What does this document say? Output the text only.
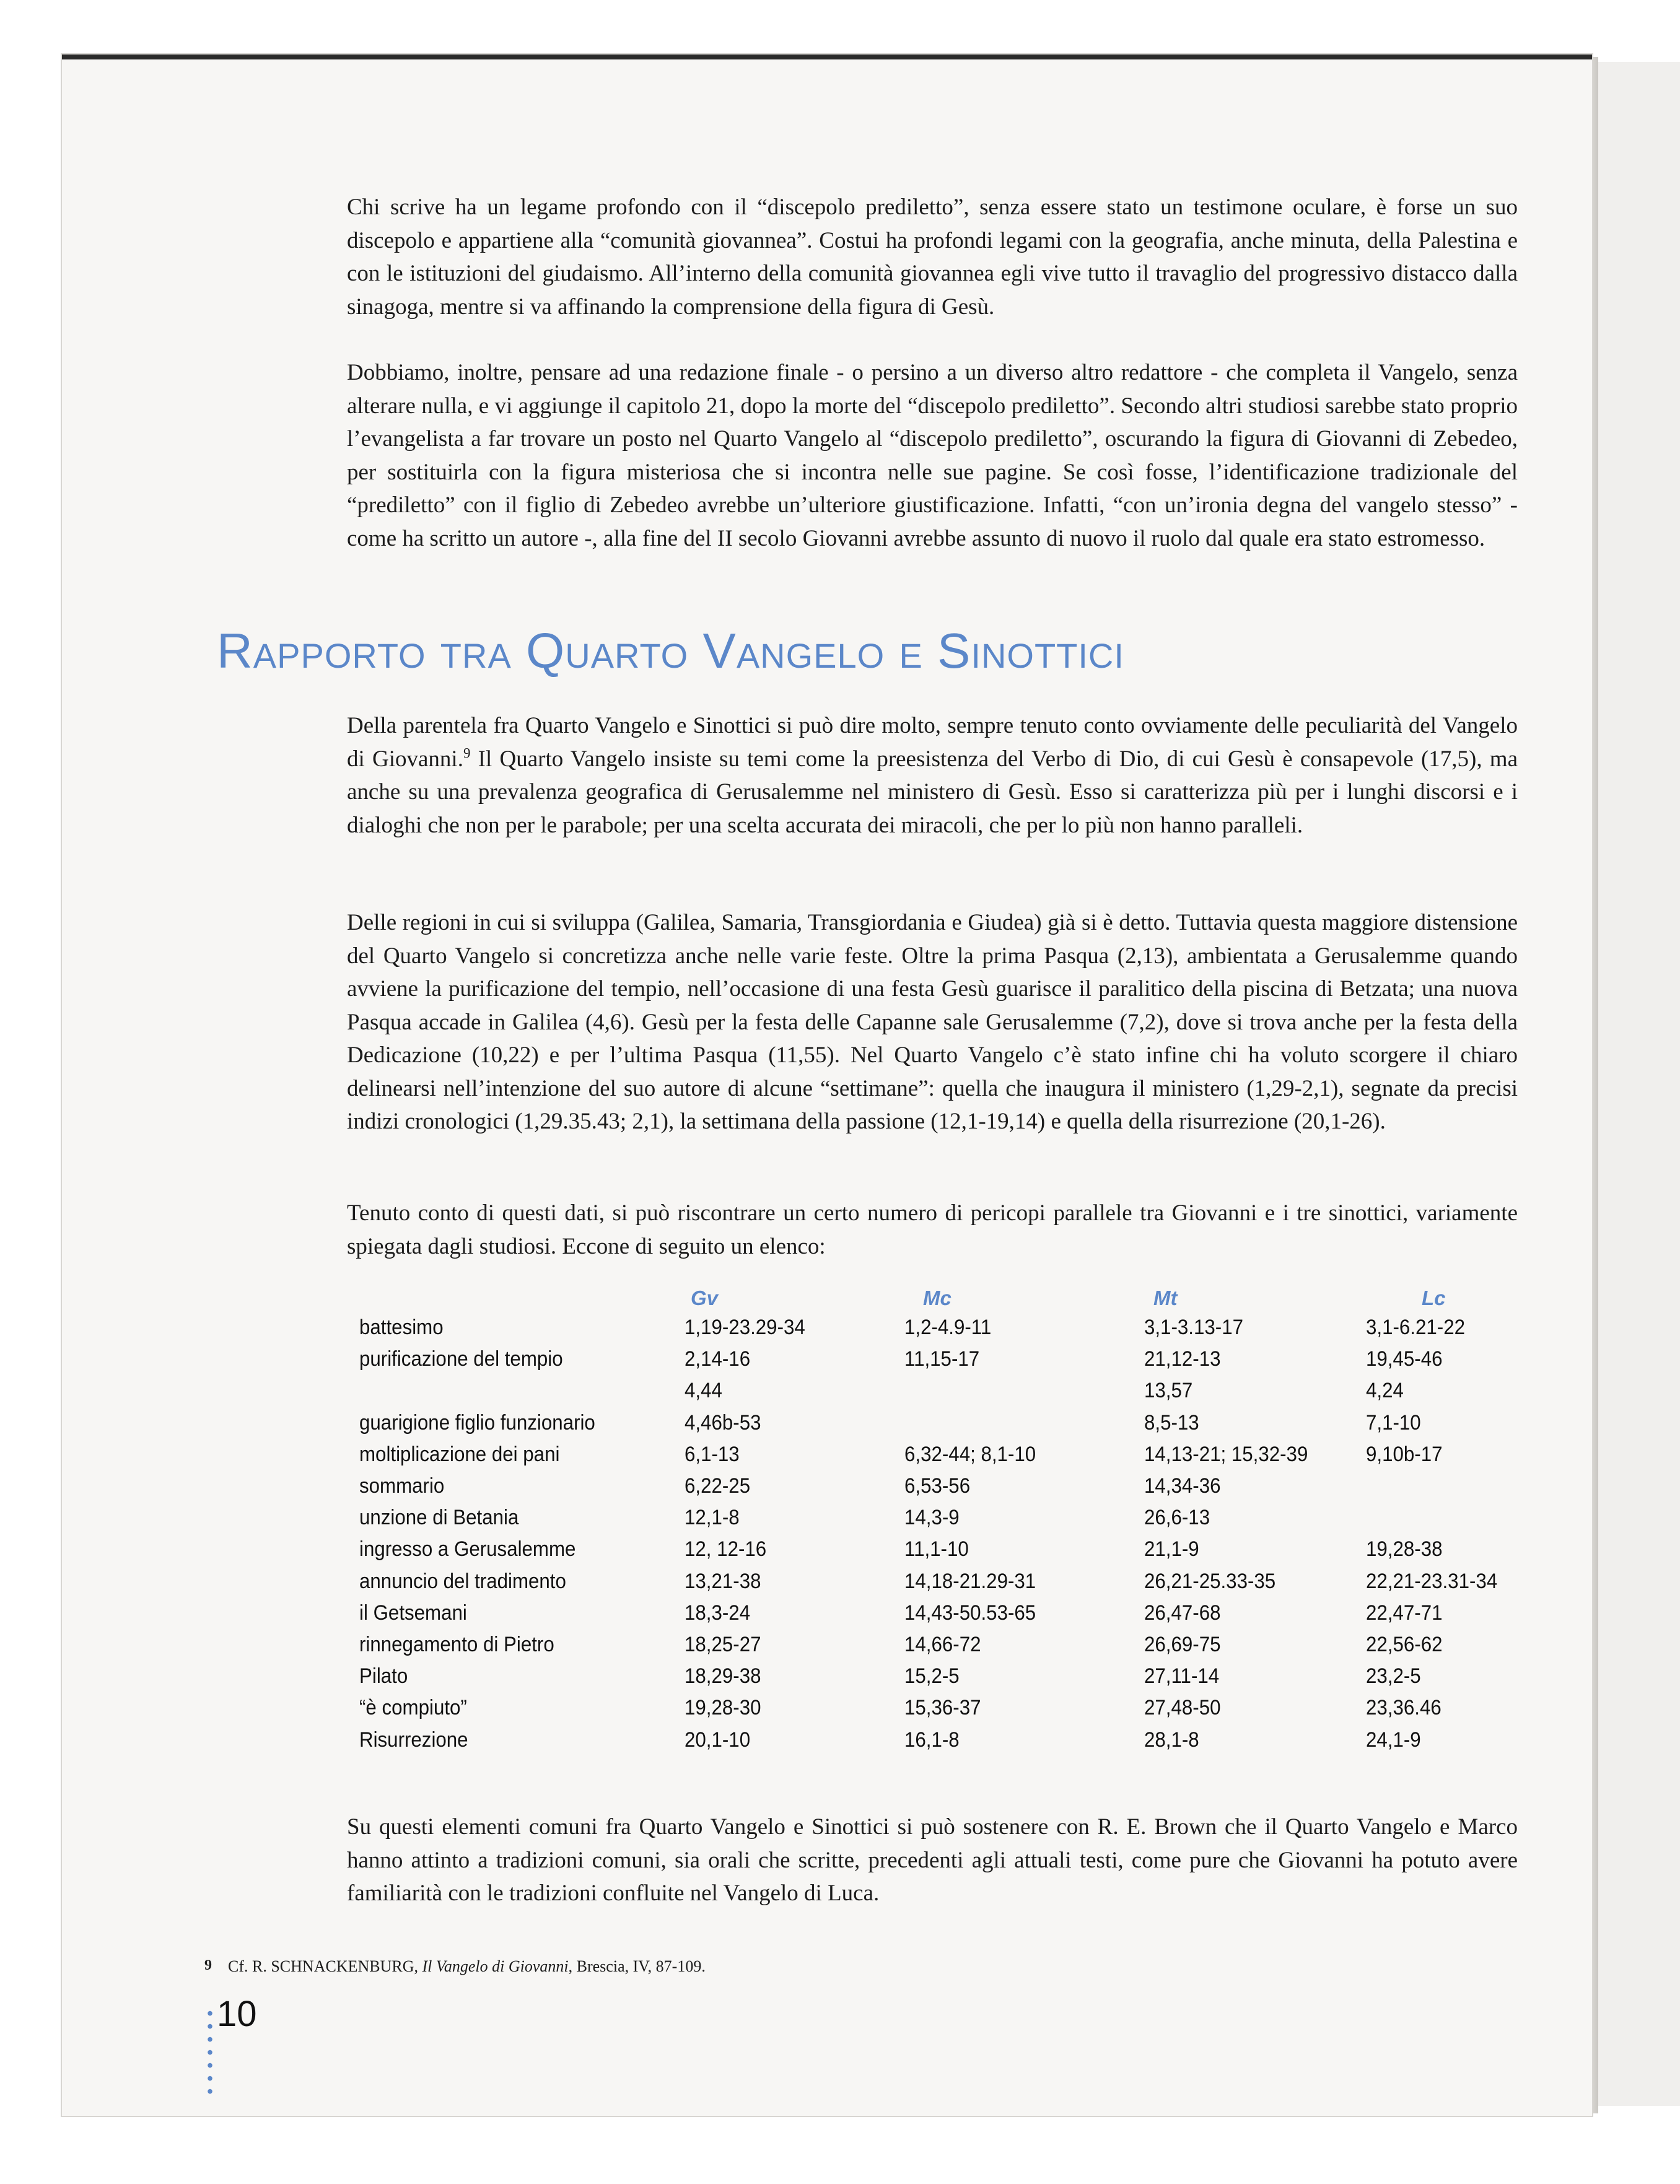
Chi scrive ha un legame profondo con il “discepolo prediletto”, senza essere stato un testimone oculare, è forse un suo discepolo e appartiene alla “comunità giovannea”. Costui ha profondi legami con la geografia, anche minuta, della Palestina e con le istituzioni del giudaismo. All’interno della comunità giovannea egli vive tutto il travaglio del progressivo distacco dalla sinagoga, mentre si va affinando la comprensione della figura di Gesù.

Dobbiamo, inoltre, pensare ad una redazione finale - o persino a un diverso altro redattore - che completa il Vangelo, senza alterare nulla, e vi aggiunge il capitolo 21, dopo la morte del “discepolo prediletto”. Secondo altri studiosi sarebbe stato proprio l’evangelista a far trovare un posto nel Quarto Vangelo al “discepolo prediletto”, oscurando la figura di Giovanni di Zebedeo, per sostituirla con la figura misteriosa che si incontra nelle sue pagine. Se così fosse, l’identificazione tradizionale del “prediletto” con il figlio di Zebedeo avrebbe un’ulteriore giustificazione. Infatti, “con un’ironia degna del vangelo stesso” - come ha scritto un autore -, alla fine del II secolo Giovanni avrebbe assunto di nuovo il ruolo dal quale era stato estromesso.

Rapporto tra Quarto Vangelo e Sinottici

Della parentela fra Quarto Vangelo e Sinottici si può dire molto, sempre tenuto conto ovviamente delle peculiarità del Vangelo di Giovanni.$^9$ Il Quarto Vangelo insiste su temi come la preesistenza del Verbo di Dio, di cui Gesù è consapevole (17,5), ma anche su una prevalenza geografica di Gerusalemme nel ministero di Gesù. Esso si caratterizza più per i lunghi discorsi e i dialoghi che non per le parabole; per una scelta accurata dei miracoli, che per lo più non hanno paralleli.

Delle regioni in cui si sviluppa (Galilea, Samaria, Transgiordania e Giudea) già si è detto. Tuttavia questa maggiore distensione del Quarto Vangelo si concretizza anche nelle varie feste. Oltre la prima Pasqua (2,13), ambientata a Gerusalemme quando avviene la purificazione del tempio, nell’occasione di una festa Gesù guarisce il paralitico della piscina di Betzata; una nuova Pasqua accade in Galilea (4,6). Gesù per la festa delle Capanne sale Gerusalemme (7,2), dove si trova anche per la festa della Dedicazione (10,22) e per l’ultima Pasqua (11,55). Nel Quarto Vangelo c’è stato infine chi ha voluto scorgere il chiaro delinearsi nell’intenzione del suo autore di alcune “settimane”: quella che inaugura il ministero (1,29-2,1), segnate da precisi indizi cronologici (1,29.35.43; 2,1), la settimana della passione (12,1-19,14) e quella della risurrezione (20,1-26).

Tenuto conto di questi dati, si può riscontrare un certo numero di pericopi parallele tra Giovanni e i tre sinottici, variamente spiegata dagli studiosi. Eccone di seguito un elenco:

	Gv	Mc	Mt	Lc
battesimo	1,19-23.29-34	1,2-4.9-11	3,1-3.13-17	3,1-6.21-22
purificazione del tempio	2,14-16	11,15-17	21,12-13	19,45-46
	4,44		13,57	4,24
guarigione figlio funzionario	4,46b-53		8,5-13	7,1-10
moltiplicazione dei pani	6,1-13	6,32-44; 8,1-10	14,13-21; 15,32-39	9,10b-17
sommario	6,22-25	6,53-56	14,34-36	
unzione di Betania	12,1-8	14,3-9	26,6-13	
ingresso a Gerusalemme	12, 12-16	11,1-10	21,1-9	19,28-38
annuncio del tradimento	13,21-38	14,18-21.29-31	26,21-25.33-35	22,21-23.31-34
il Getsemani	18,3-24	14,43-50.53-65	26,47-68	22,47-71
rinnegamento di Pietro	18,25-27	14,66-72	26,69-75	22,56-62
Pilato	18,29-38	15,2-5	27,11-14	23,2-5
“è compiuto”	19,28-30	15,36-37	27,48-50	23,36.46
Risurrezione	20,1-10	16,1-8	28,1-8	24,1-9

Su questi elementi comuni fra Quarto Vangelo e Sinottici si può sostenere con R. E. Brown che il Quarto Vangelo e Marco hanno attinto a tradizioni comuni, sia orali che scritte, precedenti agli attuali testi, come pure che Giovanni ha potuto avere familiarità con le tradizioni confluite nel Vangelo di Luca.

9 Cf. R. SCHNACKENBURG, Il Vangelo di Giovanni, Brescia, IV, 87-109.

10
